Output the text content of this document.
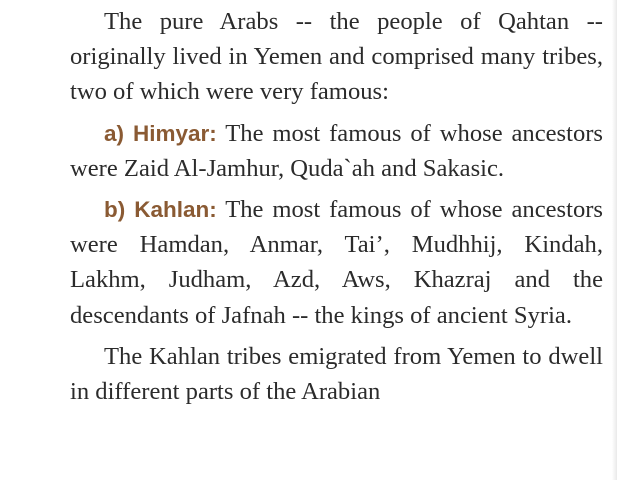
The pure Arabs -- the people of Qahtan -- originally lived in Yemen and comprised many tribes, two of which were very famous:

a) Himyar: The most famous of whose ancestors were Zaid Al-Jamhur, Quda`ah and Sakasic.

b) Kahlan: The most famous of whose ancestors were Hamdan, Anmar, Tai’, Mudhhij, Kindah, Lakhm, Judham, Azd, Aws, Khazraj and the descendants of Jafnah -- the kings of ancient Syria.

The Kahlan tribes emigrated from Yemen to dwell in different parts of the Arabian
